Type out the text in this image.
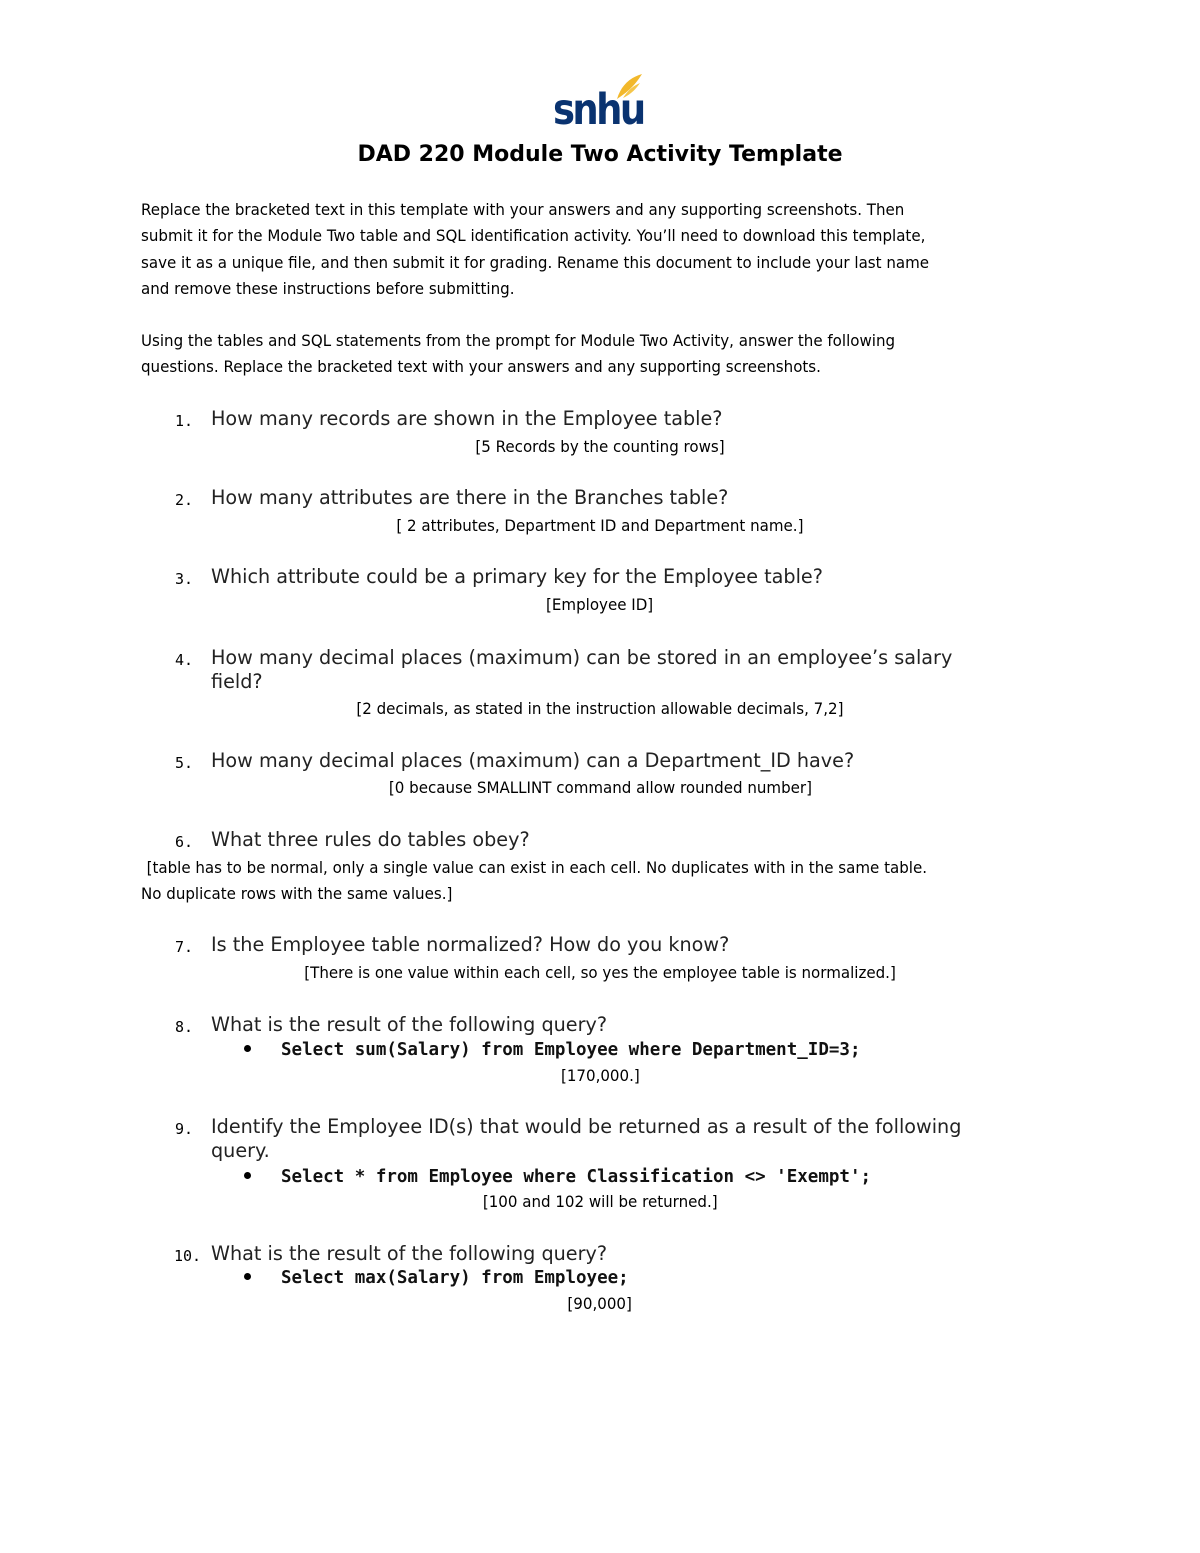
snhu
DAD 220 Module Two Activity Template
Replace the bracketed text in this template with your answers and any supporting screenshots. Then
submit it for the Module Two table and SQL identification activity. You’ll need to download this template,
save it as a unique file, and then submit it for grading. Rename this document to include your last name
and remove these instructions before submitting.
Using the tables and SQL statements from the prompt for Module Two Activity, answer the following
questions. Replace the bracketed text with your answers and any supporting screenshots.
1. How many records are shown in the Employee table?
[5 Records by the counting rows]
2. How many attributes are there in the Branches table?
[ 2 attributes, Department ID and Department name.]
3. Which attribute could be a primary key for the Employee table?
[Employee ID]
4. How many decimal places (maximum) can be stored in an employee’s salary
field?
[2 decimals, as stated in the instruction allowable decimals, 7,2]
5. How many decimal places (maximum) can a Department_ID have?
[0 because SMALLINT command allow rounded number]
6. What three rules do tables obey?
[table has to be normal, only a single value can exist in each cell. No duplicates with in the same table.
No duplicate rows with the same values.]
7. Is the Employee table normalized? How do you know?
[There is one value within each cell, so yes the employee table is normalized.]
8. What is the result of the following query?
Select sum(Salary) from Employee where Department_ID=3;
[170,000.]
9. Identify the Employee ID(s) that would be returned as a result of the following
query.
Select * from Employee where Classification <> 'Exempt';
[100 and 102 will be returned.]
10. What is the result of the following query?
Select max(Salary) from Employee;
[90,000]
